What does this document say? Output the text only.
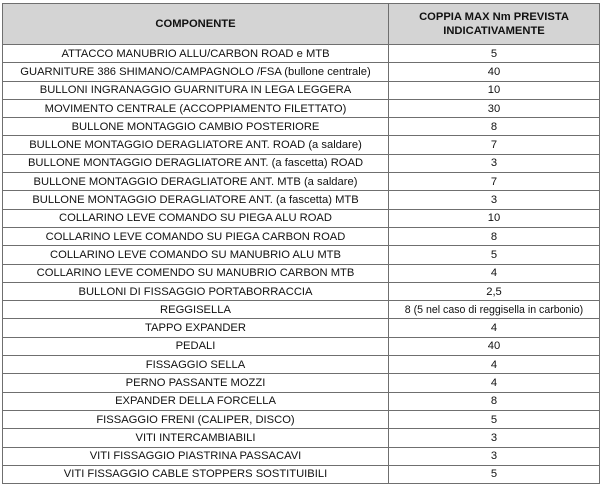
COMPONENTE	COPPIA MAX Nm PREVISTA
INDICATIVAMENTE
ATTACCO MANUBRIO ALLU/CARBON ROAD e MTB	5
GUARNITURE 386 SHIMANO/CAMPAGNOLO /FSA (bullone centrale)	40
BULLONI INGRANAGGIO GUARNITURA IN LEGA LEGGERA	10
MOVIMENTO CENTRALE (ACCOPPIAMENTO FILETTATO)	30
BULLONE MONTAGGIO CAMBIO POSTERIORE	8
BULLONE MONTAGGIO DERAGLIATORE ANT. ROAD (a saldare)	7
BULLONE MONTAGGIO DERAGLIATORE ANT. (a fascetta) ROAD	3
BULLONE MONTAGGIO DERAGLIATORE ANT. MTB (a saldare)	7
BULLONE MONTAGGIO DERAGLIATORE ANT. (a fascetta) MTB	3
COLLARINO LEVE COMANDO SU PIEGA ALU ROAD	10
COLLARINO LEVE COMANDO SU PIEGA CARBON ROAD	8
COLLARINO LEVE COMANDO SU MANUBRIO ALU MTB	5
COLLARINO LEVE COMENDO SU MANUBRIO CARBON MTB	4
BULLONI DI FISSAGGIO PORTABORRACCIA	2,5
REGGISELLA	8 (5 nel caso di reggisella in carbonio)
TAPPO EXPANDER	4
PEDALI	40
FISSAGGIO SELLA	4
PERNO PASSANTE MOZZI	4
EXPANDER DELLA FORCELLA	8
FISSAGGIO FRENI (CALIPER, DISCO)	5
VITI INTERCAMBIABILI	3
VITI FISSAGGIO PIASTRINA PASSACAVI	3
VITI FISSAGGIO CABLE STOPPERS SOSTITUIBILI	5
